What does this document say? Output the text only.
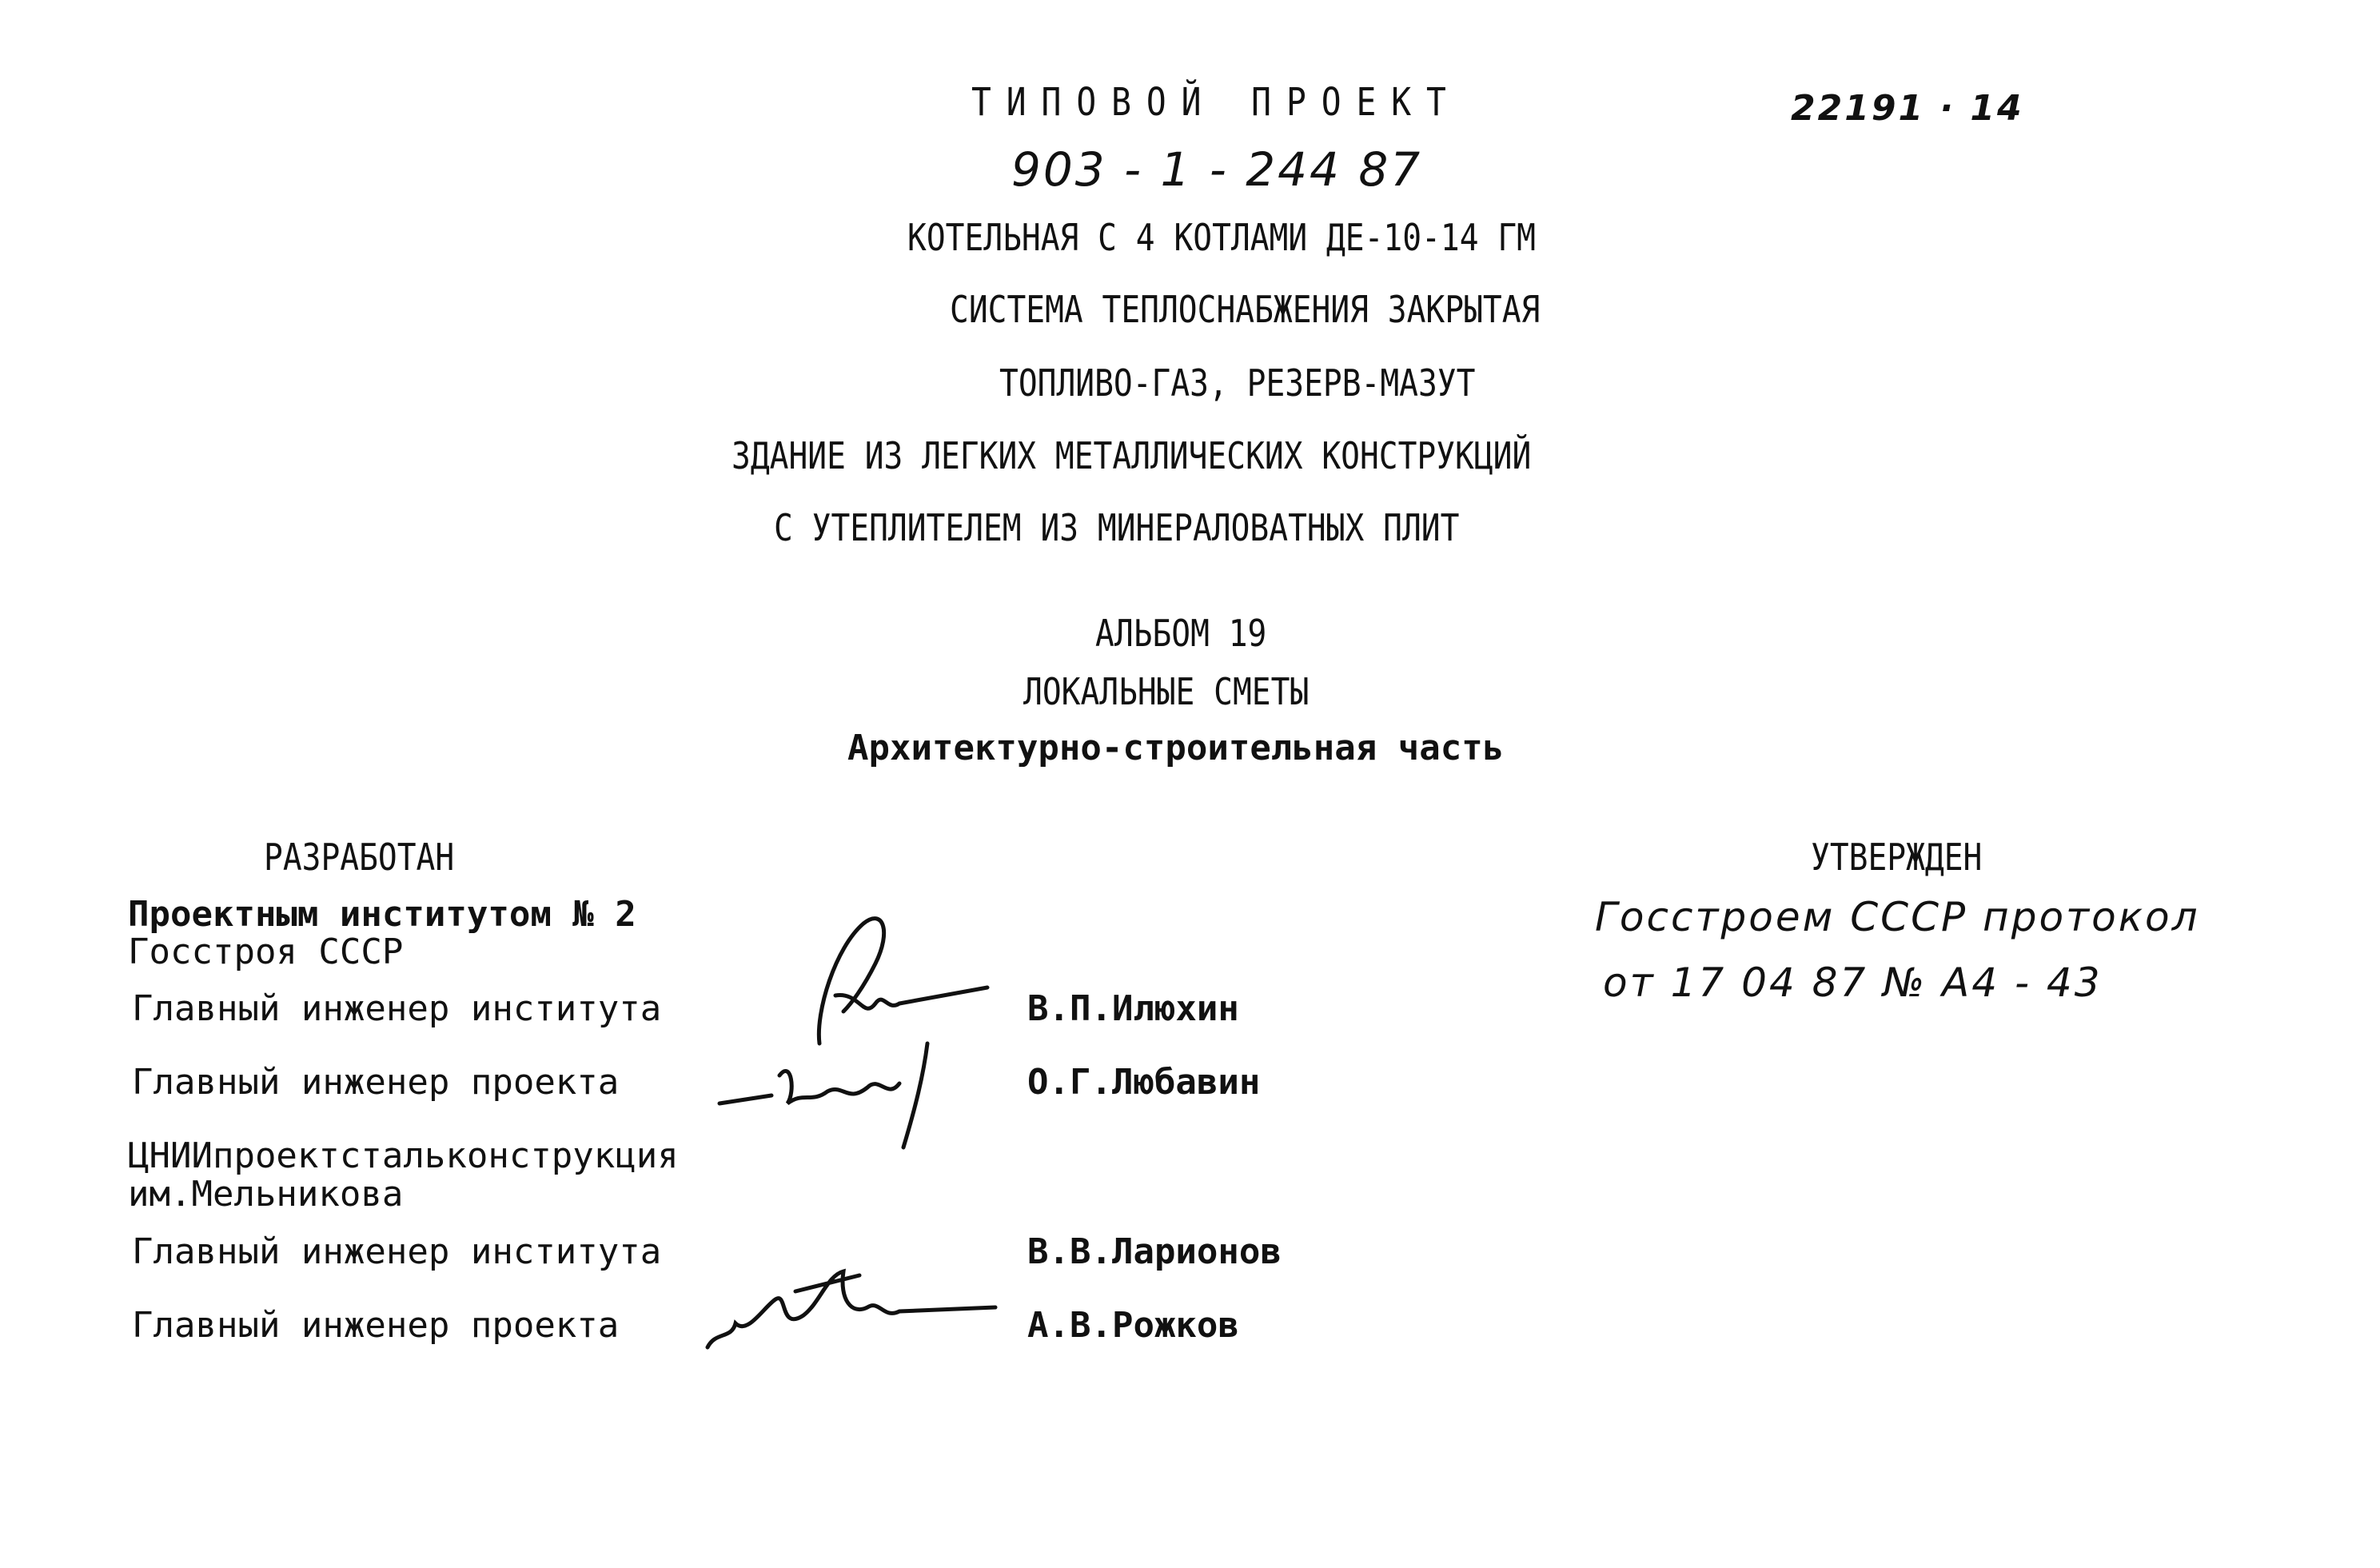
ТИПОВОЙ ПРОЕКТ	22191 · 14
903 - 1 - 244 87
КОТЕЛЬНАЯ С 4 КОТЛАМИ ДЕ-10-14 ГМ
СИСТЕМА ТЕПЛОСНАБЖЕНИЯ ЗАКРЫТАЯ
ТОПЛИВО-ГАЗ, РЕЗЕРВ-МАЗУТ
ЗДАНИЕ ИЗ ЛЕГКИХ МЕТАЛЛИЧЕСКИХ КОНСТРУКЦИЙ
С УТЕПЛИТЕЛЕМ ИЗ МИНЕРАЛОВАТНЫХ ПЛИТ
АЛЬБОМ 19
ЛОКАЛЬНЫЕ СМЕТЫ
Архитектурно-строительная часть
РАЗРАБОТАН
Проектным институтом № 2
Госстроя СССР
Главный инженер института	В.П.Илюхин
Главный инженер проекта	О.Г.Любавин
ЦНИИпроектстальконструкция
им.Мельникова
Главный инженер института	В.В.Ларионов
Главный инженер проекта	А.В.Рожков
УТВЕРЖДЕН
Госстроем СССР протокол
от 17 04 87 № А4 - 43
